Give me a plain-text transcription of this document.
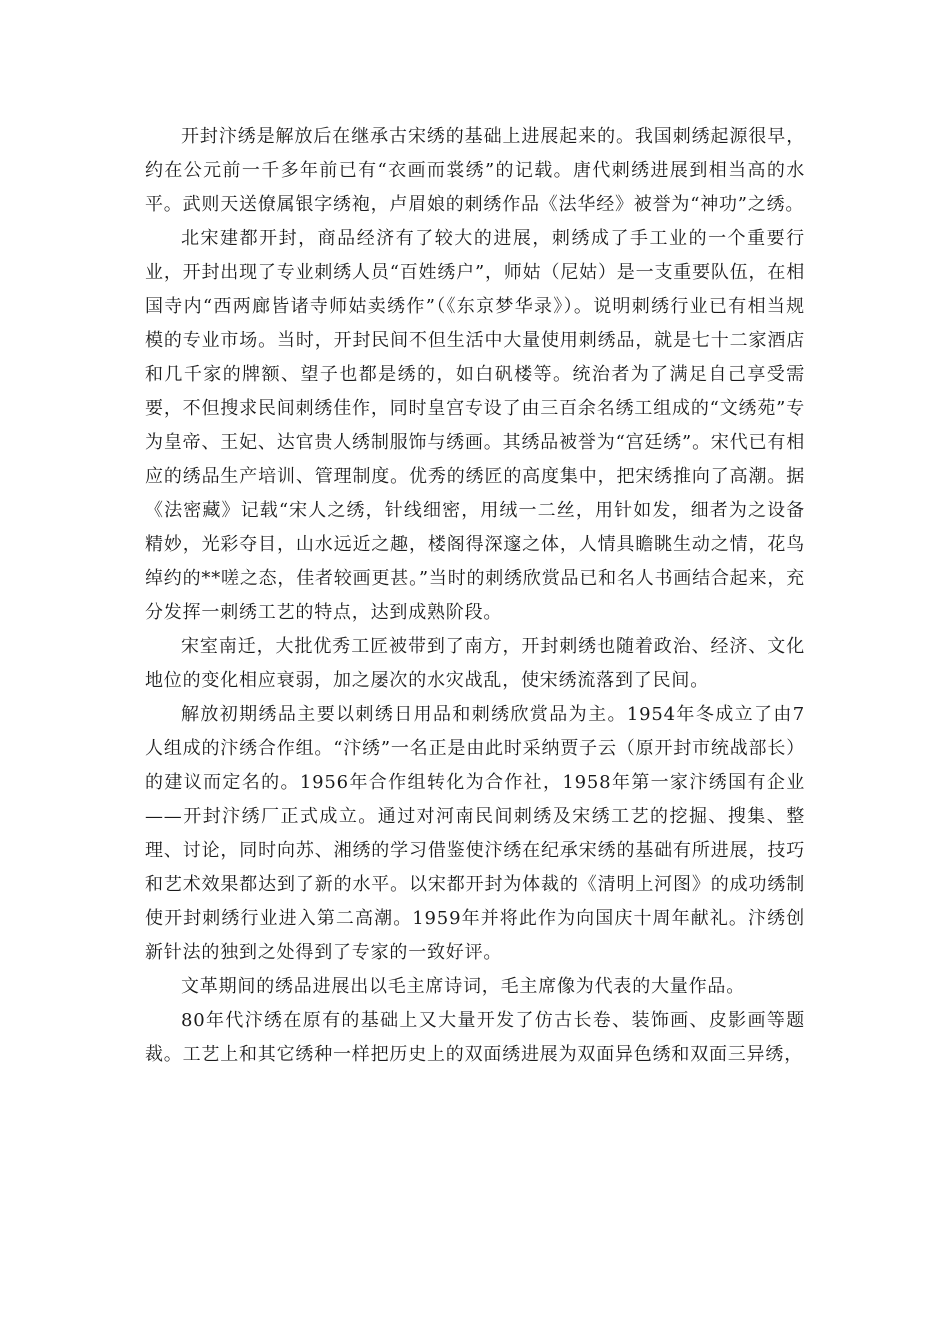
开封汴绣是解放后在继承古宋绣的基础上进展起来的。我国刺绣起源很早，约在公元前一千多年前已有“衣画而裳绣”的记载。唐代刺绣进展到相当高的水平。武则天送僚属银字绣袍，卢眉娘的刺绣作品《法华经》被誉为“神功”之绣。

北宋建都开封，商品经济有了较大的进展，刺绣成了手工业的一个重要行业，开封出现了专业刺绣人员“百姓绣户”，师姑（尼姑）是一支重要队伍，在相国寺内“西两廊皆诸寺师姑卖绣作”（《东京梦华录》）。说明刺绣行业已有相当规模的专业市场。当时，开封民间不但生活中大量使用刺绣品，就是七十二家酒店和几千家的牌额、望子也都是绣的，如白矾楼等。统治者为了满足自己享受需要，不但搜求民间刺绣佳作，同时皇宫专设了由三百余名绣工组成的“文绣苑”专为皇帝、王妃、达官贵人绣制服饰与绣画。其绣品被誉为“宫廷绣”。宋代已有相应的绣品生产培训、管理制度。优秀的绣匠的高度集中，把宋绣推向了高潮。据《法密藏》记载“宋人之绣，针线细密，用绒一二丝，用针如发，细者为之设备精妙，光彩夺目，山水远近之趣，楼阁得深邃之体，人情具瞻眺生动之情，花鸟绰约的**嗟之态，佳者较画更甚。”当时的刺绣欣赏品已和名人书画结合起来，充分发挥一刺绣工艺的特点，达到成熟阶段。

宋室南迁，大批优秀工匠被带到了南方，开封刺绣也随着政治、经济、文化地位的变化相应衰弱，加之屡次的水灾战乱，使宋绣流落到了民间。

解放初期绣品主要以刺绣日用品和刺绣欣赏品为主。1954年冬成立了由7人组成的汴绣合作组。“汴绣”一名正是由此时采纳贾子云（原开封市统战部长）的建议而定名的。1956年合作组转化为合作社，1958年第一家汴绣国有企业——开封汴绣厂正式成立。通过对河南民间刺绣及宋绣工艺的挖掘、搜集、整理、讨论，同时向苏、湘绣的学习借鉴使汴绣在纪承宋绣的基础有所进展，技巧和艺术效果都达到了新的水平。以宋都开封为体裁的《清明上河图》的成功绣制使开封刺绣行业进入第二高潮。1959年并将此作为向国庆十周年献礼。汴绣创新针法的独到之处得到了专家的一致好评。

文革期间的绣品进展出以毛主席诗词，毛主席像为代表的大量作品。

80年代汴绣在原有的基础上又大量开发了仿古长卷、装饰画、皮影画等题裁。工艺上和其它绣种一样把历史上的双面绣进展为双面异色绣和双面三异绣，
